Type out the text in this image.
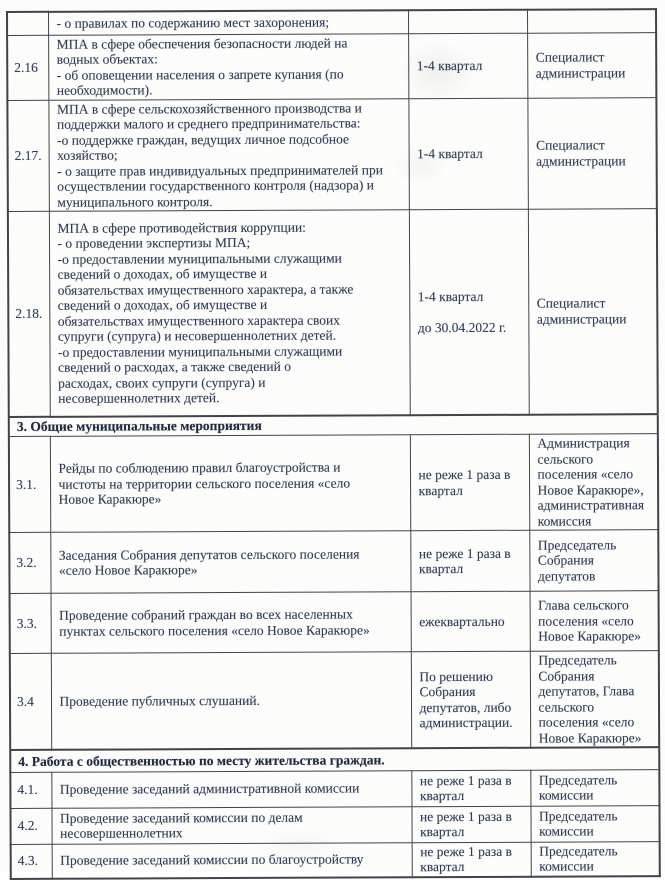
	- о правилах по содержанию мест захоронения;		
2.16	МПА в сфере обеспечения безопасности людей на
водных объектах:
- об оповещении населения о запрете купания (по
необходимости).	1-4 квартал	Специалист
администрации
2.17.	МПА в сфере сельскохозяйственного производства и
поддержки малого и среднего предпринимательства:
-о поддержке граждан, ведущих личное подсобное
хозяйство;
- о защите прав индивидуальных предпринимателей при
осуществлении государственного контроля (надзора) и
муниципального контроля.	1-4 квартал	Специалист
администрации
2.18.	МПА в сфере противодействия коррупции:
- о проведении экспертизы МПА;
-о предоставлении муниципальными служащими
сведений о доходах, об имуществе и
обязательствах имущественного характера, а также
сведений о доходах, об имуществе и
обязательствах имущественного характера своих
супруги (супруга) и несовершеннолетних детей.
-о предоставлении муниципальными служащими
сведений о расходах, а также сведений о
расходах, своих супруги (супруга) и
несовершеннолетних детей.	1-4 квартал

до 30.04.2022 г.	Специалист
администрации
3. Общие муниципальные мероприятия			
3.1.	Рейды по соблюдению правил благоустройства и
чистоты на территории сельского поселения «село
Новое Каракюре»	не реже 1 раза в
квартал	Администрация
сельского
поселения «село
Новое Каракюре»,
административная
комиссия
3.2.	Заседания Собрания депутатов сельского поселения
«село Новое Каракюре»	не реже 1 раза в
квартал	Председатель
Собрания
депутатов
3.3.	Проведение собраний граждан во всех населенных
пунктах сельского поселения «село Новое Каракюре»	ежеквартально	Глава сельского
поселения «село
Новое Каракюре»
3.4	Проведение публичных слушаний.	По решению
Собрания
депутатов, либо
администрации.	Председатель
Собрания
депутатов, Глава
сельского
поселения «село
Новое Каракюре»
4. Работа с общественностью по месту жительства граждан.			
4.1.	Проведение заседаний административной комиссии	не реже 1 раза в
квартал	Председатель
комиссии
4.2.	Проведение заседаний комиссии по делам
несовершеннолетних	не реже 1 раза в
квартал	Председатель
комиссии
4.3.	Проведение заседаний комиссии по благоустройству	не реже 1 раза в
квартал	Председатель
комиссии
